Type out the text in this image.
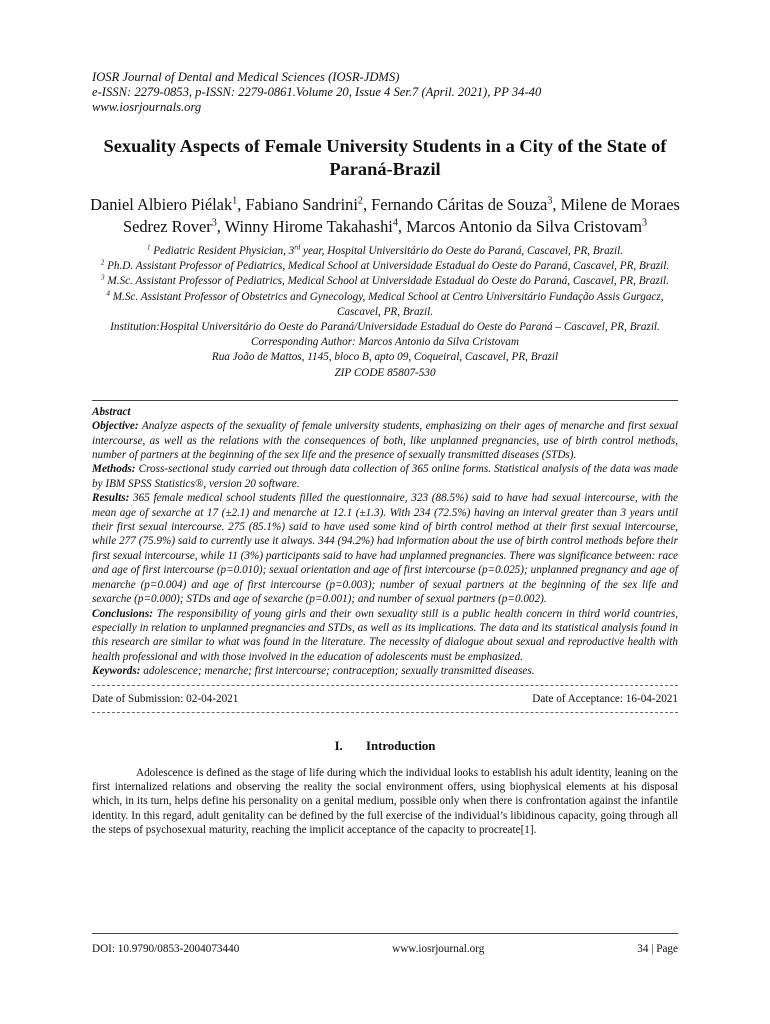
IOSR Journal of Dental and Medical Sciences (IOSR-JDMS)
e-ISSN: 2279-0853, p-ISSN: 2279-0861.Volume 20, Issue 4 Ser.7 (April. 2021), PP 34-40
www.iosrjournals.org
Sexuality Aspects of Female University Students in a City of the State of Paraná-Brazil
Daniel Albiero Piélak$^1$, Fabiano Sandrini$^2$, Fernando Cáritas de Souza$^3$, Milene de Moraes Sedrez Rover$^3$, Winny Hirome Takahashi$^4$, Marcos Antonio da Silva Cristovam$^3$
$^1$ Pediatric Resident Physician, 3rd year, Hospital Universitário do Oeste do Paraná, Cascavel, PR, Brazil.
$^2$ Ph.D. Assistant Professor of Pediatrics, Medical School at Universidade Estadual do Oeste do Paraná, Cascavel, PR, Brazil.
$^3$ M.Sc. Assistant Professor of Pediatrics, Medical School at Universidade Estadual do Oeste do Paraná, Cascavel, PR, Brazil.
$^4$ M.Sc. Assistant Professor of Obstetrics and Gynecology, Medical School at Centro Universitário Fundação Assis Gurgacz, Cascavel, PR, Brazil.
Institution:Hospital Universitário do Oeste do Paraná/Universidade Estadual do Oeste do Paraná – Cascavel, PR, Brazil.
Corresponding Author: Marcos Antonio da Silva Cristovam
Rua João de Mattos, 1145, bloco B, apto 09, Coqueiral, Cascavel, PR, Brazil
ZIP CODE 85807-530

Abstract

Objective: Analyze aspects of the sexuality of female university students, emphasizing on their ages of menarche and first sexual intercourse, as well as the relations with the consequences of both, like unplanned pregnancies, use of birth control methods, number of partners at the beginning of the sex life and the presence of sexually transmitted diseases (STDs).

Methods: Cross-sectional study carried out through data collection of 365 online forms. Statistical analysis of the data was made by IBM SPSS Statistics®, version 20 software.

Results: 365 female medical school students filled the questionnaire, 323 (88.5%) said to have had sexual intercourse, with the mean age of sexarche at 17 (±2.1) and menarche at 12.1 (±1.3). With 234 (72.5%) having an interval greater than 3 years until their first sexual intercourse. 275 (85.1%) said to have used some kind of birth control method at their first sexual intercourse, while 277 (75.9%) said to currently use it always. 344 (94.2%) had information about the use of birth control methods before their first sexual intercourse, while 11 (3%) participants said to have had unplanned pregnancies. There was significance between: race and age of first intercourse (p=0.010); sexual orientation and age of first intercourse (p=0.025); unplanned pregnancy and age of menarche (p=0.004) and age of first intercourse (p=0.003); number of sexual partners at the beginning of the sex life and sexarche (p=0.000); STDs and age of sexarche (p=0.001); and number of sexual partners (p=0.002).

Conclusions: The responsibility of young girls and their own sexuality still is a public health concern in third world countries, especially in relation to unplanned pregnancies and STDs, as well as its implications. The data and its statistical analysis found in this research are similar to what was found in the literature. The necessity of dialogue about sexual and reproductive health with health professional and with those involved in the education of adolescents must be emphasized.

Keywords: adolescence; menarche; first intercourse; contraception; sexually transmitted diseases.

Date of Submission: 02-04-2021	Date of Acceptance: 16-04-2021
I. Introduction
Adolescence is defined as the stage of life during which the individual looks to establish his adult identity, leaning on the first internalized relations and observing the reality the social environment offers, using biophysical elements at his disposal which, in its turn, helps define his personality on a genital medium, possible only when there is confrontation against the infantile identity. In this regard, adult genitality can be defined by the full exercise of the individual’s libidinous capacity, going through all the steps of psychosexual maturity, reaching the implicit acceptance of the capacity to procreate[1].
DOI: 10.9790/0853-2004073440	www.iosrjournal.org	34 | Page
